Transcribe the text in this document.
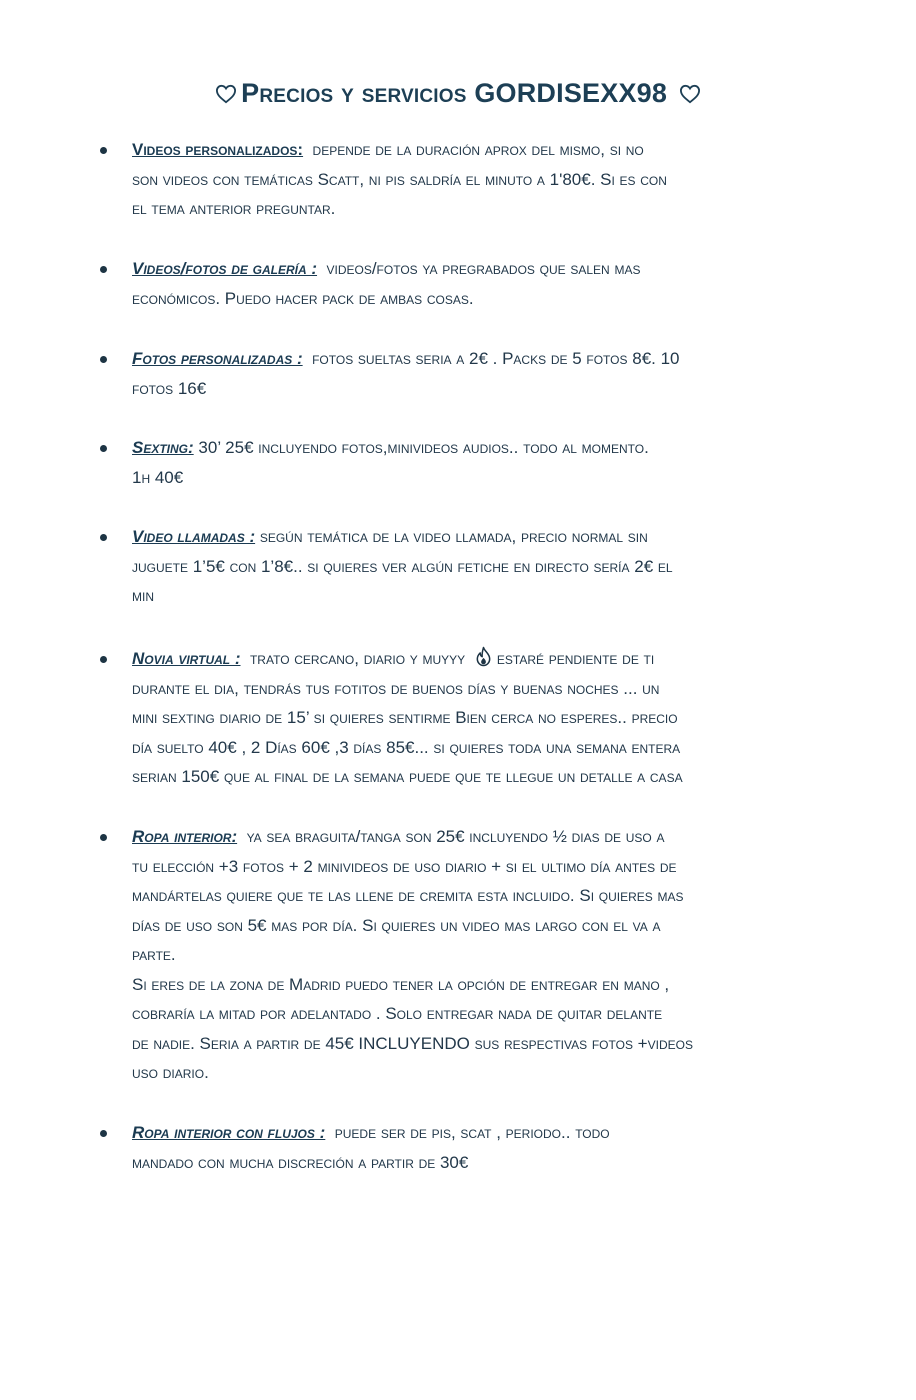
Precios y servicios GORDISEXX98
Videos personalizados: depende de la duración aprox del mismo, si no
son videos con temáticas Scatt, ni pis saldría el minuto a 1'80€. Si es con
el tema anterior preguntar.
Videos/fotos de galería : videos/fotos ya pregrabados que salen mas
económicos. Puedo hacer pack de ambas cosas.
Fotos personalizadas : fotos sueltas seria a 2€ . Packs de 5 fotos 8€. 10
fotos 16€
Sexting: 30’ 25€ incluyendo fotos,minivideos audios.. todo al momento.
1h 40€
Video llamadas : según temática de la video llamada, precio normal sin
juguete 1’5€ con 1’8€.. si quieres ver algún fetiche en directo sería 2€ el
min
Novia virtual : trato cercano, diario y muyyy estaré pendiente de ti
durante el dia, tendrás tus fotitos de buenos días y buenas noches ... un
mini sexting diario de 15’ si quieres sentirme Bien cerca no esperes.. precio
día suelto 40€ , 2 Días 60€ ,3 días 85€... si quieres toda una semana entera
serian 150€ que al final de la semana puede que te llegue un detalle a casa
Ropa interior: ya sea braguita/tanga son 25€ incluyendo ½ dias de uso a
tu elección +3 fotos + 2 minivideos de uso diario + si el ultimo día antes de
mandártelas quiere que te las llene de cremita esta incluido. Si quieres mas
días de uso son 5€ mas por día. Si quieres un video mas largo con el va a
parte.
Si eres de la zona de Madrid puedo tener la opción de entregar en mano ,
cobraría la mitad por adelantado . Solo entregar nada de quitar delante
de nadie. Seria a partir de 45€ INCLUYENDO sus respectivas fotos +videos
uso diario.
Ropa interior con flujos : puede ser de pis, scat , periodo.. todo
mandado con mucha discreción a partir de 30€
